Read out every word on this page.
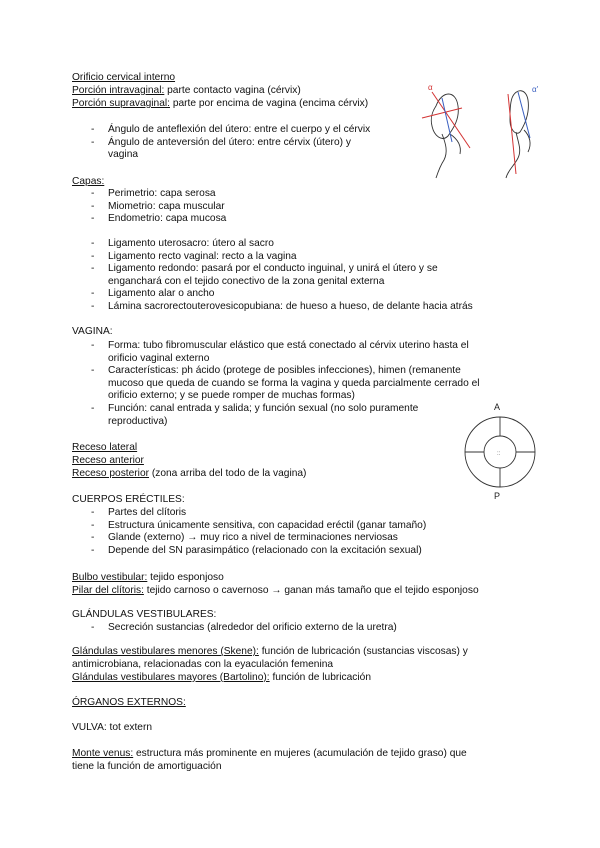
Orificio cervical interno
Porción intravaginal: parte contacto vagina (cérvix)
Porción supravaginal: parte por encima de vagina (encima cérvix)
α	α'
- Ángulo de anteflexión del útero: entre el cuerpo y el cérvix
- Ángulo de anteversión del útero: entre cérvix (útero) y
vagina
Capas:
- Perimetrio: capa serosa
- Miometrio: capa muscular
- Endometrio: capa mucosa
- Ligamento uterosacro: útero al sacro
- Ligamento recto vaginal: recto a la vagina
- Ligamento redondo: pasará por el conducto inguinal, y unirá el útero y se
enganchará con el tejido conectivo de la zona genital externa
- Ligamento alar o ancho
- Lámina sacrorectouterovesicopubiana: de hueso a hueso, de delante hacia atrás
VAGINA:
- Forma: tubo fibromuscular elástico que está conectado al cérvix uterino hasta el
orificio vaginal externo
- Características: ph ácido (protege de posibles infecciones), himen (remanente
mucoso que queda de cuando se forma la vagina y queda parcialmente cerrado el
orificio externo; y se puede romper de muchas formas)
- Función: canal entrada y salida; y función sexual (no solo puramente
reproductiva)
A
P
::
Receso lateral
Receso anterior
Receso posterior (zona arriba del todo de la vagina)
CUERPOS ERÉCTILES:
- Partes del clítoris
- Estructura únicamente sensitiva, con capacidad eréctil (ganar tamaño)
- Glande (externo) → muy rico a nivel de terminaciones nerviosas
- Depende del SN parasimpático (relacionado con la excitación sexual)
Bulbo vestibular: tejido esponjoso
Pilar del clítoris: tejido carnoso o cavernoso → ganan más tamaño que el tejido esponjoso
GLÁNDULAS VESTIBULARES:
- Secreción sustancias (alrededor del orificio externo de la uretra)
Glándulas vestibulares menores (Skene): función de lubricación (sustancias viscosas) y
antimicrobiana, relacionadas con la eyaculación femenina
Glándulas vestibulares mayores (Bartolino): función de lubricación
ÓRGANOS EXTERNOS:
VULVA: tot extern
Monte venus: estructura más prominente en mujeres (acumulación de tejido graso) que
tiene la función de amortiguación
